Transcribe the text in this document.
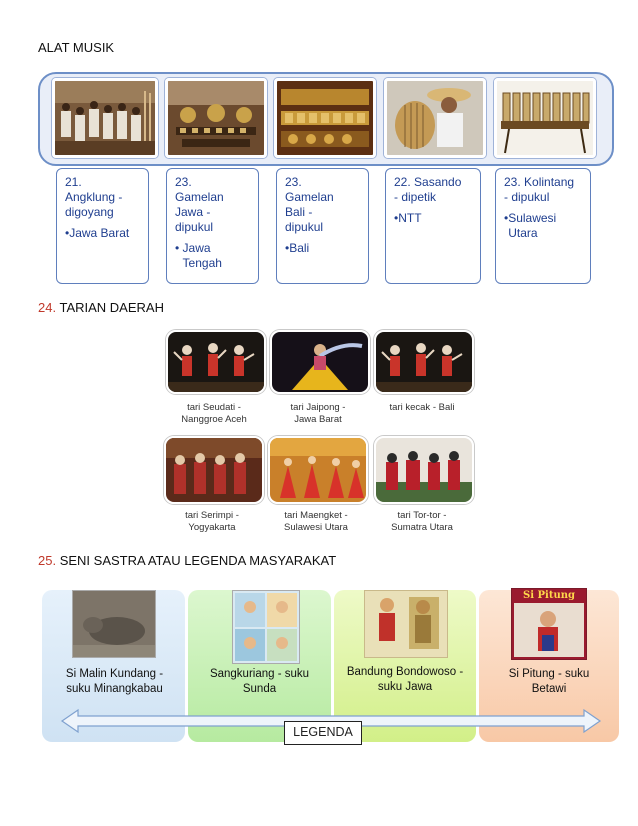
ALAT MUSIK
21.
Angklung -
digoyang
•Jawa Barat
23.
Gamelan
Jawa -
dipukul
• Jawa Tengah
23.
Gamelan
Bali -
dipukul
•Bali
22. Sasando
- dipetik
•NTT
23. Kolintang
- dipukul
• Sulawesi Utara
24. TARIAN DAERAH
tari Seudati -
Nanggroe Aceh
tari Jaipong -
Jawa Barat
tari kecak - Bali
tari Serimpi -
Yogyakarta
tari Maengket -
Sulawesi Utara
tari Tor-tor -
Sumatra Utara
25. SENI SASTRA ATAU LEGENDA MASYARAKAT
Si Pitung
Si Malin Kundang -
suku Minangkabau
Sangkuriang - suku
Sunda
Bandung Bondowoso -
suku Jawa
Si Pitung - suku
Betawi
LEGENDA
